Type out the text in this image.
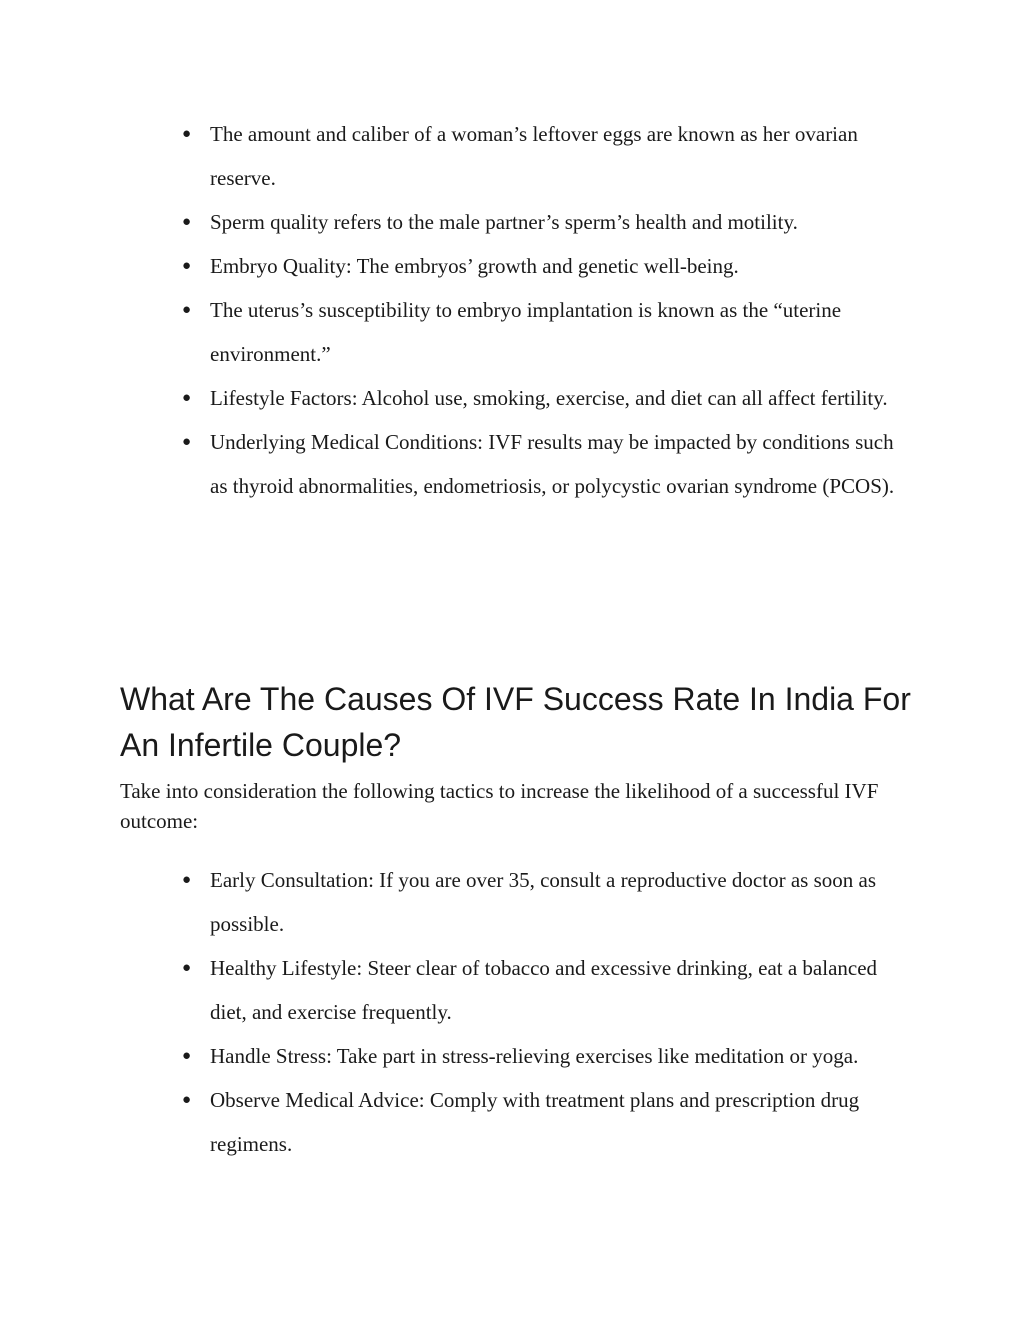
● The amount and caliber of a woman’s leftover eggs are known as her ovarian reserve.
● Sperm quality refers to the male partner’s sperm’s health and motility.
● Embryo Quality: The embryos’ growth and genetic well-being.
● The uterus’s susceptibility to embryo implantation is known as the “uterine environment.”
● Lifestyle Factors: Alcohol use, smoking, exercise, and diet can all affect fertility.
● Underlying Medical Conditions: IVF results may be impacted by conditions such as thyroid abnormalities, endometriosis, or polycystic ovarian syndrome (PCOS).
What Are The Causes Of IVF Success Rate In India For An Infertile Couple?

Take into consideration the following tactics to increase the likelihood of a successful IVF outcome:

● Early Consultation: If you are over 35, consult a reproductive doctor as soon as possible.
● Healthy Lifestyle: Steer clear of tobacco and excessive drinking, eat a balanced diet, and exercise frequently.
● Handle Stress: Take part in stress-relieving exercises like meditation or yoga.
● Observe Medical Advice: Comply with treatment plans and prescription drug regimens.
